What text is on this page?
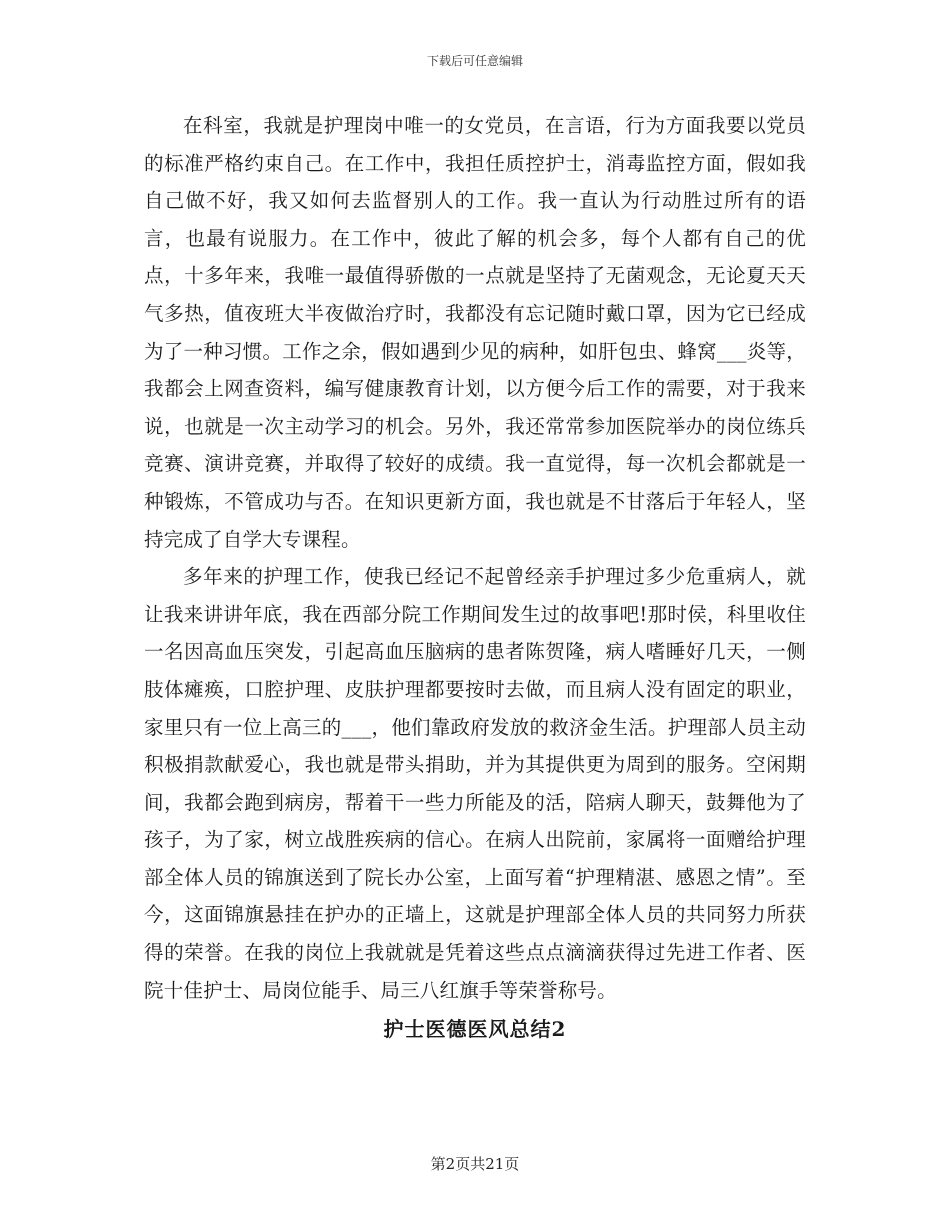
下载后可任意编辑

在科室，我就是护理岗中唯一的女党员，在言语，行为方面我要以党员的标准严格约束自己。在工作中，我担任质控护士，消毒监控方面，假如我自己做不好，我又如何去监督别人的工作。我一直认为行动胜过所有的语言，也最有说服力。在工作中，彼此了解的机会多，每个人都有自己的优点，十多年来，我唯一最值得骄傲的一点就是坚持了无菌观念，无论夏天天气多热，值夜班大半夜做治疗时，我都没有忘记随时戴口罩，因为它已经成为了一种习惯。工作之余，假如遇到少见的病种，如肝包虫、蜂窝___炎等，我都会上网查资料，编写健康教育计划，以方便今后工作的需要，对于我来说，也就是一次主动学习的机会。另外，我还常常参加医院举办的岗位练兵竞赛、演讲竞赛，并取得了较好的成绩。我一直觉得，每一次机会都就是一种锻炼，不管成功与否。在知识更新方面，我也就是不甘落后于年轻人，坚持完成了自学大专课程。

多年来的护理工作，使我已经记不起曾经亲手护理过多少危重病人，就让我来讲讲年底，我在西部分院工作期间发生过的故事吧!那时侯，科里收住一名因高血压突发，引起高血压脑病的患者陈贺隆，病人嗜睡好几天，一侧肢体瘫痪，口腔护理、皮肤护理都要按时去做，而且病人没有固定的职业，家里只有一位上高三的___，他们靠政府发放的救济金生活。护理部人员主动积极捐款献爱心，我也就是带头捐助，并为其提供更为周到的服务。空闲期间，我都会跑到病房，帮着干一些力所能及的活，陪病人聊天，鼓舞他为了孩子，为了家，树立战胜疾病的信心。在病人出院前，家属将一面赠给护理部全体人员的锦旗送到了院长办公室，上面写着“护理精湛、感恩之情”。至今，这面锦旗悬挂在护办的正墙上，这就是护理部全体人员的共同努力所获得的荣誉。在我的岗位上我就就是凭着这些点点滴滴获得过先进工作者、医院十佳护士、局岗位能手、局三八红旗手等荣誉称号。

护士医德医风总结2
第2页共21页
